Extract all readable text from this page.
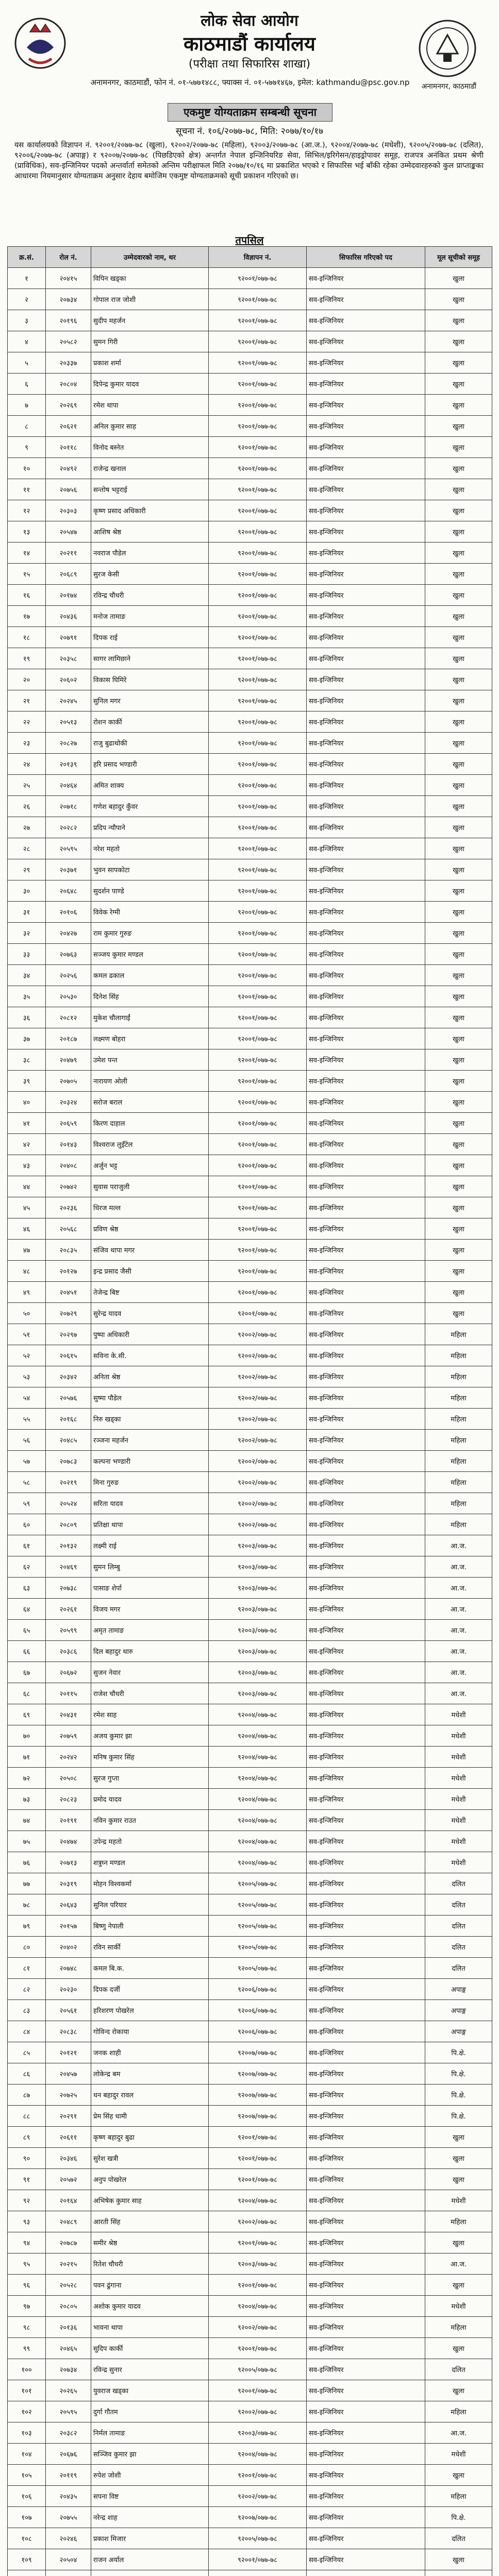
लोक सेवा आयोग
काठमाडौं कार्यालय
(परीक्षा तथा सिफारिस शाखा)
अनामनगर, काठमाडौं, फोन नं. ०१-५७७१४८८, फ्याक्स नं. ०१-५७७१४६७, इमेल: kathmandu@psc.gov.np	अनामनगर, काठमाडौं
एकमुष्ट योग्यताक्रम सम्बन्धी सूचना
सूचना नं. १०६/२०७७-७८, मिति: २०७७/१०/१७
यस कार्यालयको विज्ञापन नं. ९२००१/२०७७-७८ (खुला), ९२००२/२०७७-७८ (महिला), ९२००३/२०७७-७८ (आ.ज.), ९२००४/२०७७-७८ (मधेशी), ९२००५/२०७७-७८ (दलित), ९२००६/२०७७-७८ (अपाङ्ग) र ९२००७/२०७७-७८ (पिछडिएको क्षेत्र) अन्तर्गत नेपाल इन्जिनियरिङ सेवा, सिभिल/इरिगेसन/हाइड्रोपावर समूह, राजपत्र अनंकित प्रथम श्रेणी (प्राविधिक), सव-इन्जिनियर पदको अन्तर्वार्ता समेतको अन्तिम परीक्षाफल मिति २०७७/१०/१६ मा प्रकाशित भएको र सिफारिस भई बाँकी रहेका उम्मेदवारहरुको कुल प्राप्ताङ्कका आधारमा नियमानुसार योग्यताक्रम अनुसार देहाय बमोजिम एकमुष्ट योग्यताक्रमको सूची प्रकाशन गरिएको छ।
तपसिल
क्र.सं.	रोल नं.	उम्मेदवारको नाम, थर	विज्ञापन नं.	सिफारिस गरिएको पद	मूल सूचीको समूह
१	२०४१५	विपिन खड्का	९२००१/०७७-७८	सव-इन्जिनियर	खुला
२	२०७३४	गोपाल राज जोशी	९२००१/०७७-७८	सव-इन्जिनियर	खुला
३	२०१९६	सुदीप महर्जन	९२००१/०७७-७८	सव-इन्जिनियर	खुला
४	२०५८२	सुमन गिरी	९२००१/०७७-७८	सव-इन्जिनियर	खुला
५	२०३३७	प्रकाश शर्मा	९२००१/०७७-७८	सव-इन्जिनियर	खुला
६	२०८०४	दिपेन्द्र कुमार यादव	९२००१/०७७-७८	सव-इन्जिनियर	खुला
७	२०२६९	रमेश थापा	९२००१/०७७-७८	सव-इन्जिनियर	खुला
८	२०६२१	अनिल कुमार साह	९२००१/०७७-७८	सव-इन्जिनियर	खुला
९	२०११८	विनोद बस्नेत	९२००१/०७७-७८	सव-इन्जिनियर	खुला
१०	२०४९२	राजेन्द्र खनाल	९२००१/०७७-७८	सव-इन्जिनियर	खुला
११	२०७५६	सन्तोष भट्टराई	९२००१/०७७-७८	सव-इन्जिनियर	खुला
१२	२०३०३	कृष्ण प्रसाद अधिकारी	९२००१/०७७-७८	सव-इन्जिनियर	खुला
१३	२०५४७	आशिष श्रेष्ठ	९२००१/०७७-७८	सव-इन्जिनियर	खुला
१४	२०२११	नवराज पौडेल	९२००१/०७७-७८	सव-इन्जिनियर	खुला
१५	२०६८९	सुरज केसी	९२००१/०७७-७८	सव-इन्जिनियर	खुला
१६	२०१७४	रविन्द्र चौधरी	९२००१/०७७-७८	सव-इन्जिनियर	खुला
१७	२०४३६	मनोज तामाङ	९२००१/०७७-७८	सव-इन्जिनियर	खुला
१८	२०७९१	दिपक राई	९२००१/०७७-७८	सव-इन्जिनियर	खुला
१९	२०३५८	सागर लामिछाने	९२००१/०७७-७८	सव-इन्जिनियर	खुला
२०	२०६०२	विकास घिमिरे	९२००१/०७७-७८	सव-इन्जिनियर	खुला
२१	२०२४५	सुनिल मगर	९२००१/०७७-७८	सव-इन्जिनियर	खुला
२२	२०५१३	रोशन कार्की	९२००१/०७७-७८	सव-इन्जिनियर	खुला
२३	२०८२७	राजु बुढाथोकी	९२००१/०७७-७८	सव-इन्जिनियर	खुला
२४	२०१३९	हरि प्रसाद भण्डारी	९२००१/०७७-७८	सव-इन्जिनियर	खुला
२५	२०४६४	अमित शाक्य	९२००१/०७७-७८	सव-इन्जिनियर	खुला
२६	२०७१८	गणेश बहादुर कुँवर	९२००१/०७७-७८	सव-इन्जिनियर	खुला
२७	२०२८२	प्रदिप न्यौपाने	९२००१/०७७-७८	सव-इन्जिनियर	खुला
२८	२०५९५	नरेश महतो	९२००१/०७७-७८	सव-इन्जिनियर	खुला
२९	२०३७१	भुवन सापकोटा	९२००१/०७७-७८	सव-इन्जिनियर	खुला
३०	२०६४८	सुदर्शन पाण्डे	९२००१/०७७-७८	सव-इन्जिनियर	खुला
३१	२०१०६	विवेक रेग्मी	९२००१/०७७-७८	सव-इन्जिनियर	खुला
३२	२०४२७	राम कुमार गुरुङ	९२००१/०७७-७८	सव-इन्जिनियर	खुला
३३	२०७६३	सञ्जय कुमार मण्डल	९२००१/०७७-७८	सव-इन्जिनियर	खुला
३४	२०२५६	कमल ढकाल	९२००१/०७७-७८	सव-इन्जिनियर	खुला
३५	२०५३०	दिनेश सिंह	९२००१/०७७-७८	सव-इन्जिनियर	खुला
३६	२०८१२	मुकेश चौलागाईं	९२००१/०७७-७८	सव-इन्जिनियर	खुला
३७	२०१८७	लक्ष्मण बोहरा	९२००१/०७७-७८	सव-इन्जिनियर	खुला
३८	२०४७९	उमेश पन्त	९२००१/०७७-७८	सव-इन्जिनियर	खुला
३९	२०७०५	नारायण ओली	९२००१/०७७-७८	सव-इन्जिनियर	खुला
४०	२०३२४	सरोज बराल	९२००१/०७७-७८	सव-इन्जिनियर	खुला
४१	२०६५९	किरण दाहाल	९२००१/०७७-७८	सव-इन्जिनियर	खुला
४२	२०१४३	विश्वराज लुइँटेल	९२००१/०७७-७८	सव-इन्जिनियर	खुला
४३	२०४०८	अर्जुन भट्ट	९२००१/०७७-७८	सव-इन्जिनियर	खुला
४४	२०७४२	सुवास पराजुली	९२००१/०७७-७८	सव-इन्जिनियर	खुला
४५	२०२३६	धिरज मल्ल	९२००१/०७७-७८	सव-इन्जिनियर	खुला
४६	२०५६८	प्रविण श्रेष्ठ	९२००१/०७७-७८	सव-इन्जिनियर	खुला
४७	२०८३५	संजिव थापा मगर	९२००१/०७७-७८	सव-इन्जिनियर	खुला
४८	२०१२७	इन्द्र प्रसाद जैसी	९२००१/०७७-७८	सव-इन्जिनियर	खुला
४९	२०४५१	तेजेन्द्र बिष्ट	९२००१/०७७-७८	सव-इन्जिनियर	खुला
५०	२०७२९	सुरेन्द्र यादव	९२००१/०७७-७८	सव-इन्जिनियर	खुला
५१	२०२९७	पुष्पा अधिकारी	९२००२/०७७-७८	सव-इन्जिनियर	महिला
५२	२०६१५	सविना के.सी.	९२००२/०७७-७८	सव-इन्जिनियर	महिला
५३	२०३४२	अनिता श्रेष्ठ	९२००२/०७७-७८	सव-इन्जिनियर	महिला
५४	२०५७६	सुष्मा पौडेल	९२००२/०७७-७८	सव-इन्जिनियर	महिला
५५	२०१६८	निरु खड्का	९२००२/०७७-७८	सव-इन्जिनियर	महिला
५६	२०४८५	रञ्जना महर्जन	९२००२/०७७-७८	सव-इन्जिनियर	महिला
५७	२०७८३	कल्पना भण्डारी	९२००२/०७७-७८	सव-इन्जिनियर	महिला
५८	२०२१९	मिना गुरुङ	९२००२/०७७-७८	सव-इन्जिनियर	महिला
५९	२०५२४	सरिता यादव	९२००२/०७७-७८	सव-इन्जिनियर	महिला
६०	२०८०९	प्रतिक्षा थापा	९२००२/०७७-७८	सव-इन्जिनियर	महिला
६१	२०१३२	लक्ष्मी राई	९२००३/०७७-७८	सव-इन्जिनियर	आ.ज.
६२	२०४६९	सुमन लिम्बु	९२००३/०७७-७८	सव-इन्जिनियर	आ.ज.
६३	२०७३८	पासाङ शेर्पा	९२००३/०७७-७८	सव-इन्जिनियर	आ.ज.
६४	२०२६१	विजय मगर	९२००३/०७७-७८	सव-इन्जिनियर	आ.ज.
६५	२०५९९	अमृत तामाङ	९२००३/०७७-७८	सव-इन्जिनियर	आ.ज.
६६	२०३८६	दिल बहादुर थारु	९२००३/०७७-७८	सव-इन्जिनियर	आ.ज.
६७	२०६७२	सुजन नेवार	९२००३/०७७-७८	सव-इन्जिनियर	आ.ज.
६८	२०११५	राजेश चौधरी	९२००३/०७७-७८	सव-इन्जिनियर	आ.ज.
६९	२०४३१	रमेश साह	९२००४/०७७-७८	सव-इन्जिनियर	मधेशी
७०	२०७५९	अजय कुमार झा	९२००४/०७७-७८	सव-इन्जिनियर	मधेशी
७१	२०२४२	मनिष कुमार सिंह	९२००४/०७७-७८	सव-इन्जिनियर	मधेशी
७२	२०५०८	सुरज गुप्ता	९२००४/०७७-७८	सव-इन्जिनियर	मधेशी
७३	२०८२३	प्रमोद यादव	९२००४/०७७-७८	सव-इन्जिनियर	मधेशी
७४	२०१९१	नविन कुमार राउत	९२००४/०७७-७८	सव-इन्जिनियर	मधेशी
७५	२०४७४	उपेन्द्र महतो	९२००४/०७७-७८	सव-इन्जिनियर	मधेशी
७६	२०७१३	शत्रुघ्न मण्डल	९२००४/०७७-७८	सव-इन्जिनियर	मधेशी
७७	२०३१९	मोहन विश्वकर्मा	९२००५/०७७-७८	सव-इन्जिनियर	दलित
७८	२०६४३	सुनिल परियार	९२००५/०७७-७८	सव-इन्जिनियर	दलित
७९	२०१५७	बिष्णु नेपाली	९२००५/०७७-७८	सव-इन्जिनियर	दलित
८०	२०४०२	रविन सार्की	९२००५/०७७-७८	सव-इन्जिनियर	दलित
८१	२०७४८	कमल बि.क.	९२००५/०७७-७८	सव-इन्जिनियर	दलित
८२	२०२३०	दिपक दर्जी	९२००६/०७७-७८	सव-इन्जिनियर	अपाङ्ग
८३	२०५६१	हरिशरण पोखरेल	९२००६/०७७-७८	सव-इन्जिनियर	अपाङ्ग
८४	२०८३८	गोविन्द रोकाया	९२००६/०७७-७८	सव-इन्जिनियर	अपाङ्ग
८५	२०१२१	जनक शाही	९२००७/०७७-७८	सव-इन्जिनियर	पि.क्षे.
८६	२०४५७	लोकेन्द्र बम	९२००७/०७७-७८	सव-इन्जिनियर	पि.क्षे.
८७	२०७२५	धन बहादुर रावल	९२००७/०७७-७८	सव-इन्जिनियर	पि.क्षे.
८८	२०२९१	प्रेम सिंह धामी	९२००७/०७७-७८	सव-इन्जिनियर	पि.क्षे.
८९	२०६११	कृष्ण बहादुर बुढा	९२००१/०७७-७८	सव-इन्जिनियर	खुला
९०	२०३४६	सुरेश खत्री	९२००१/०७७-७८	सव-इन्जिनियर	खुला
९१	२०५७२	अनुप पोखरेल	९२००१/०७७-७८	सव-इन्जिनियर	खुला
९२	२०१६४	अभिषेक कुमार साह	९२००४/०७७-७८	सव-इन्जिनियर	मधेशी
९३	२०४८९	आरती सिंह	९२००२/०७७-७८	सव-इन्जिनियर	महिला
९४	२०७८७	समीर श्रेष्ठ	९२००१/०७७-७८	सव-इन्जिनियर	खुला
९५	२०२१५	रितेश चौधरी	९२००३/०७७-७८	सव-इन्जिनियर	आ.ज.
९६	२०५२८	पवन ढुंगाना	९२००१/०७७-७८	सव-इन्जिनियर	खुला
९७	२०८०५	अशोक कुमार यादव	९२००४/०७७-७८	सव-इन्जिनियर	मधेशी
९८	२०१३६	भावना थापा	९२००२/०७७-७८	सव-इन्जिनियर	महिला
९९	२०४६५	सुदिप कार्की	९२००१/०७७-७८	सव-इन्जिनियर	खुला
१००	२०७३४	रविन्द्र सुनार	९२००५/०७७-७८	सव-इन्जिनियर	दलित
१०१	२०२६५	युवराज खड्का	९२००१/०७७-७८	सव-इन्जिनियर	खुला
१०२	२०५९५	दुर्गा गौतम	९२००२/०७७-७८	सव-इन्जिनियर	महिला
१०३	२०३८२	निर्मल तामाङ	९२००३/०७७-७८	सव-इन्जिनियर	आ.ज.
१०४	२०६७६	सञ्जिव कुमार झा	९२००४/०७७-७८	सव-इन्जिनियर	मधेशी
१०५	२०११९	रुपेश जोशी	९२००१/०७७-७८	सव-इन्जिनियर	खुला
१०६	२०४३५	सपना विष्ट	९२००२/०७७-७८	सव-इन्जिनियर	महिला
१०७	२०७५५	नरेन्द्र शाह	९२००७/०७७-७८	सव-इन्जिनियर	पि.क्षे.
१०८	२०२४६	प्रकाश मिजार	९२००५/०७७-७८	सव-इन्जिनियर	दलित
१०९	२०५०४	राजन अर्याल	९२००१/०७७-७८	सव-इन्जिनियर	खुला
